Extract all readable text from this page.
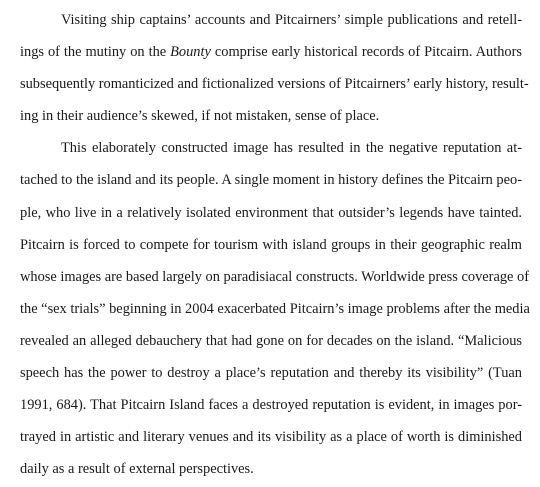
Visiting ship captains’ accounts and Pitcairners’ simple publications and retell-
ings of the mutiny on the Bounty comprise early historical records of Pitcairn. Authors
subsequently romanticized and fictionalized versions of Pitcairners’ early history, result-
ing in their audience’s skewed, if not mistaken, sense of place.
This elaborately constructed image has resulted in the negative reputation at-
tached to the island and its people. A single moment in history defines the Pitcairn peo-
ple, who live in a relatively isolated environment that outsider’s legends have tainted.
Pitcairn is forced to compete for tourism with island groups in their geographic realm
whose images are based largely on paradisiacal constructs. Worldwide press coverage of
the “sex trials” beginning in 2004 exacerbated Pitcairn’s image problems after the media
revealed an alleged debauchery that had gone on for decades on the island. “Malicious
speech has the power to destroy a place’s reputation and thereby its visibility” (Tuan
1991, 684). That Pitcairn Island faces a destroyed reputation is evident, in images por-
trayed in artistic and literary venues and its visibility as a place of worth is diminished
daily as a result of external perspectives.
